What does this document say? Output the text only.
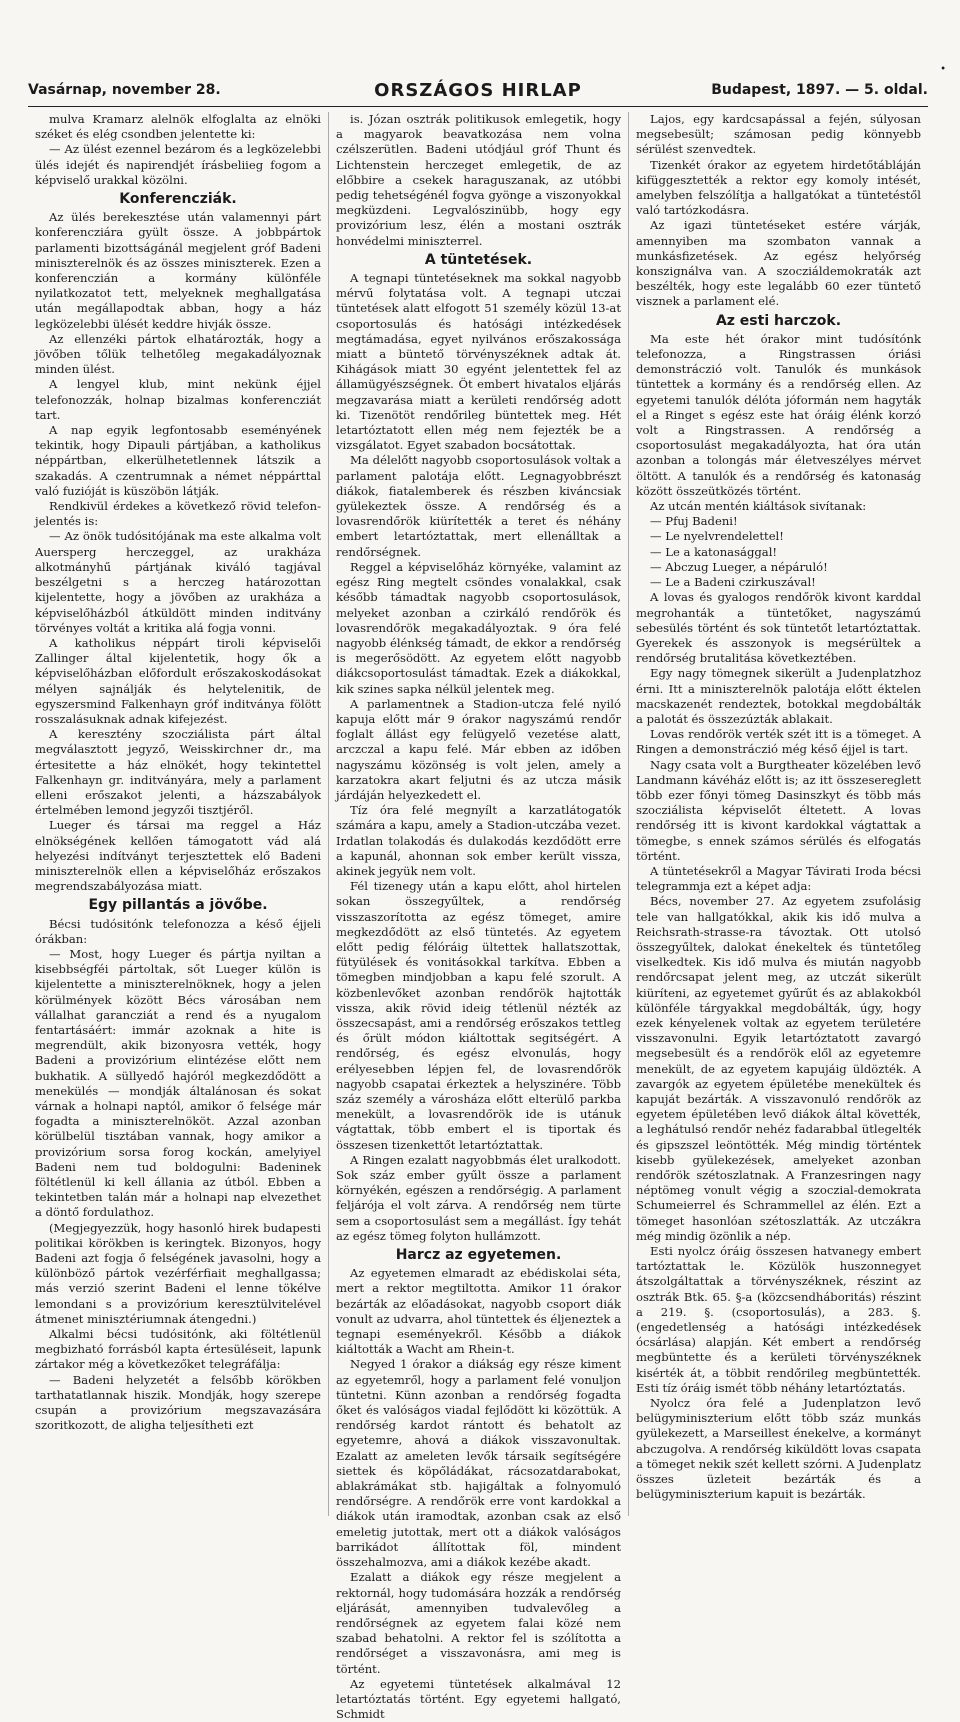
Vasárnap, november 28.	ORSZÁGOS HIRLAP	Budapest, 1897. — 5. oldal.
•

mulva Kramarz alelnök elfoglalta az elnöki széket és elég csondben jelentette ki:

— Az ülést ezennel bezárom és a legközelebbi ülés idejét és napirendjét írásbeliieg fogom a képviselő urakkal közölni.

Konferencziák.

Az ülés berekesztése után valamennyi párt konferencziára gyült össze. A jobbpártok parlamenti bizottságánál megjelent gróf Badeni miniszterelnök és az összes miniszterek. Ezen a konferenczián a kormány különféle nyilatkozatot tett, melyeknek meghallgatása után megállapodtak abban, hogy a ház legközelebbi ülését keddre hivják össze.

Az ellenzéki pártok elhatározták, hogy a jövőben tőlük telhetőleg megakadályoznak minden ülést.

A lengyel klub, mint nekünk éjjel telefonozzák, holnap bizalmas konferencziát tart.

A nap egyik legfontosabb eseményének tekintik, hogy Dipauli pártjában, a katholikus néppártban, elkerülhetetlennek látszik a szakadás. A czentrumnak a német néppárttal való fuzióját is küszöbön látják.

Rendkivül érdekes a következő rövid telefon-jelentés is:

— Az önök tudósitójának ma este alkalma volt Auersperg herczeggel, az urakháza alkotmányhű pártjának kiváló tagjával beszélgetni s a herczeg határozottan kijelentette, hogy a jövőben az urakháza a képviselőházból átküldött minden inditvány törvényes voltát a kritika alá fogja vonni.

A katholikus néppárt tiroli képviselői Zallinger által kijelentetik, hogy ők a képviselőházban előfordult erőszakoskodásokat mélyen sajnálják és helytelenitik, de egyszersmind Falkenhayn gróf inditványa fölött rosszalásuknak adnak kifejezést.

A keresztény szocziálista párt által megválasztott jegyző, Weisskirchner dr., ma értesitette a ház elnökét, hogy tekintettel Falkenhayn gr. inditványára, mely a parlament elleni erőszakot jelenti, a házszabályok értelmében lemond jegyzői tisztjéről.

Lueger és társai ma reggel a Ház elnökségének kellően támogatott vád alá helyezési indítványt terjesztettek elő Badeni miniszterelnök ellen a képviselőház erőszakos megrendszabályozása miatt.

Egy pillantás a jövőbe.

Bécsi tudósitónk telefonozza a késő éjjeli órákban:

— Most, hogy Lueger és pártja nyiltan a kisebbségféi pártoltak, sőt Lueger külön is kijelentette a miniszterelnöknek, hogy a jelen körülmények között Bécs városában nem vállalhat garancziát a rend és a nyugalom fentartásáért: immár azoknak a hite is megrendült, akik bizonyosra vették, hogy Badeni a provizórium elintézése előtt nem bukhatik. A süllyedő hajóról megkezdődött a menekülés — mondják általánosan és sokat várnak a holnapi naptól, amikor ő felsége már fogadta a miniszterelnököt. Azzal azonban körülbelül tisztában vannak, hogy amikor a provizórium sorsa forog kockán, amelyiyel Badeni nem tud boldogulni: Badeninek föltétlenül ki kell állania az útból. Ebben a tekintetben talán már a holnapi nap elvezethet a döntő fordulathoz.

(Megjegyezzük, hogy hasonló hirek budapesti politikai körökben is keringtek. Bizonyos, hogy Badeni azt fogja ő felségének javasolni, hogy a különböző pártok vezérférfiait meghallgassa; más verzió szerint Badeni el lenne tökélve lemondani s a provizórium keresztülvitelével átmenet minisztériumnak átengedni.)

Alkalmi bécsi tudósitónk, aki föltétlenül megbizható forrásból kapta értesüléseit, lapunk zártakor még a következőket telegráfálja:

— Badeni helyzetét a felsőbb körökben tarthatatlannak hiszik. Mondják, hogy szerepe csupán a provizórium megszavazására szoritkozott, de aligha teljesítheti ezt

is. Józan osztrák politikusok emlegetik, hogy a magyarok beavatkozása nem volna czélszerütlen. Badeni utódjául gróf Thunt és Lichtenstein herczeget emlegetik, de az előbbire a csekek haraguszanak, az utóbbi pedig tehetségénél fogva gyönge a viszonyokkal megküzdeni. Legvalószinübb, hogy egy provizórium lesz, élén a mostani osztrák honvédelmi miniszterrel.

A tüntetések.

A tegnapi tüntetéseknek ma sokkal nagyobb mérvű folytatása volt. A tegnapi utczai tüntetések alatt elfogott 51 személy közül 13-at csoportosulás és hatósági intézkedések megtámadása, egyet nyilvános erőszakossága miatt a büntető törvényszéknek adtak át. Kihágások miatt 30 egyént jelentettek fel az államügyészségnek. Öt embert hivatalos eljárás megzavarása miatt a kerületi rendőrség adott ki. Tizenötöt rendőrileg büntettek meg. Hét letartóztatott ellen még nem fejezték be a vizsgálatot. Egyet szabadon bocsátottak.

Ma délelőtt nagyobb csoportosulások voltak a parlament palotája előtt. Legnagyobbrészt diákok, fiatalemberek és részben kiváncsiak gyülekeztek össze. A rendőrség és a lovasrendőrök kiürítették a teret és néhány embert letartóztattak, mert ellenálltak a rendőrségnek.

Reggel a képviselőház környéke, valamint az egész Ring megtelt csöndes vonalakkal, csak később támadtak nagyobb csoportosulások, melyeket azonban a czirkáló rendőrök és lovasrendőrök megakadályoztak. 9 óra felé nagyobb élénkség támadt, de ekkor a rendőrség is megerősödött. Az egyetem előtt nagyobb diákcsoportosulást támadtak. Ezek a diákokkal, kik szines sapka nélkül jelentek meg.

A parlamentnek a Stadion-utcza felé nyiló kapuja előtt már 9 órakor nagyszámú rendőr foglalt állást egy felügyelő vezetése alatt, arczczal a kapu felé. Már ebben az időben nagyszámu közönség is volt jelen, amely a karzatokra akart feljutni és az utcza másik járdáján helyezkedett el.

Tíz óra felé megnyílt a karzatlátogatók számára a kapu, amely a Stadion-utczába vezet. Irdatlan tolakodás és dulakodás kezdődött erre a kapunál, ahonnan sok ember került vissza, akinek jegyük nem volt.

Fél tizenegy után a kapu előtt, ahol hirtelen sokan összegyűltek, a rendőrség visszaszorította az egész tömeget, amire megkezdődött az első tüntetés. Az egyetem előtt pedig félóráig ültettek hallatszottak, fütyülések és vonitásokkal tarkítva. Ebben a tömegben mindjobban a kapu felé szorult. A közbenlevőket azonban rendőrök hajtották vissza, akik rövid ideig tétlenül nézték az összecsapást, ami a rendőrség erőszakos tettleg és őrült módon kiáltottak segitségért. A rendőrség, és egész elvonulás, hogy erélyesebben lépjen fel, de lovasrendőrök nagyobb csapatai érkeztek a helyszinére. Több száz személy a városháza előtt elterülő parkba menekült, a lovasrendőrök ide is utánuk vágtattak, több embert el is tiportak és összesen tizenkettőt letartóztattak.

A Ringen ezalatt nagyobbmás élet uralkodott. Sok száz ember gyűlt össze a parlament környékén, egészen a rendőrségig. A parlament feljárója el volt zárva. A rendőrség nem türte sem a csoportosulást sem a megállást. Így tehát az egész tömeg folyton hullámzott.

Harcz az egyetemen.

Az egyetemen elmaradt az ebédiskolai séta, mert a rektor megtiltotta. Amikor 11 órakor bezárták az előadásokat, nagyobb csoport diák vonult az udvarra, ahol tüntettek és éljeneztek a tegnapi eseményekről. Később a diákok kiáltották a Wacht am Rhein-t.

Negyed 1 órakor a diákság egy része kiment az egyetemről, hogy a parlament felé vonuljon tüntetni. Künn azonban a rendőrség fogadta őket és valóságos viadal fejlődött ki közöttük. A rendőrség kardot rántott és behatolt az egyetemre, ahová a diákok visszavonultak. Ezalatt az ameleten levők társaik segítségére siettek és köpőládákat, rácsozatdarabokat, ablakrámákat stb. hajigáltak a folnyomuló rendőrségre. A rendőrök erre vont kardokkal a diákok után iramodtak, azonban csak az első emeletig jutottak, mert ott a diákok valóságos barrikádot állítottak föl, mindent összehalmozva, ami a diákok kezébe akadt.

Ezalatt a diákok egy része megjelent a rektornál, hogy tudomására hozzák a rendőrség eljárását, amennyiben tudvalevőleg a rendőrségnek az egyetem falai közé nem szabad behatolni. A rektor fel is szólította a rendőrséget a visszavonásra, ami meg is történt.

Az egyetemi tüntetések alkalmával 12 letartóztatás történt. Egy egyetemi hallgató, Schmidt

Lajos, egy kardcsapással a fején, súlyosan megsebesült; számosan pedig könnyebb sérülést szenvedtek.

Tizenkét órakor az egyetem hirdetőtábláján kifüggesztették a rektor egy komoly intését, amelyben felszólítja a hallgatókat a tüntetéstől való tartózkodásra.

Az igazi tüntetéseket estére várják, amennyiben ma szombaton vannak a munkásfizetések. Az egész helyőrség konszignálva van. A szocziáldemokraták azt beszélték, hogy este legalább 60 ezer tüntető visznek a parlament elé.

Az esti harczok.

Ma este hét órakor mint tudósítónk telefonozza, a Ringstrassen óriási demonstráczió volt. Tanulók és munkások tüntettek a kormány és a rendőrség ellen. Az egyetemi tanulók délóta jóformán nem hagyták el a Ringet s egész este hat óráig élénk korzó volt a Ringstrassen. A rendőrség a csoportosulást megakadályozta, hat óra után azonban a tolongás már életveszélyes mérvet öltött. A tanulók és a rendőrség és katonaság között összeütközés történt.

Az utcán mentén kiáltások sivítanak:

— Pfuj Badeni!

— Le nyelvrendelettel!

— Le a katonasággal!

— Abczug Lueger, a népáruló!

— Le a Badeni czirkuszával!

A lovas és gyalogos rendőrök kivont karddal megrohanták a tüntetőket, nagyszámú sebesülés történt és sok tüntetőt letartóztattak. Gyerekek és asszonyok is megsérültek a rendőrség brutalitása következtében.

Egy nagy tömegnek sikerült a Judenplatzhoz érni. Itt a miniszterelnök palotája előtt éktelen macskazenét rendeztek, botokkal megdobálták a palotát és összezúzták ablakait.

Lovas rendőrök verték szét itt is a tömeget. A Ringen a demonstráczió még késő éjjel is tart.

Nagy csata volt a Burgtheater közelében levő Landmann kávéház előtt is; az itt összesereglett több ezer főnyi tömeg Dasinszkyt és több más szocziálista képviselőt éltetett. A lovas rendőrség itt is kivont kardokkal vágtattak a tömegbe, s ennek számos sérülés és elfogatás történt.

A tüntetésekről a Magyar Távirati Iroda bécsi telegrammja ezt a képet adja:

Bécs, november 27. Az egyetem zsufolásig tele van hallgatókkal, akik kis idő mulva a Reichsrath-strasse-ra távoztak. Ott utolsó összegyűltek, dalokat énekeltek és tüntetőleg viselkedtek. Kis idő mulva és miután nagyobb rendőrcsapat jelent meg, az utczát sikerült kiüríteni, az egyetemet gyűrűt és az ablakokból különféle tárgyakkal megdobálták, úgy, hogy ezek kényelenek voltak az egyetem területére visszavonulni. Egyik letartóztatott zavargó megsebesült és a rendőrök elől az egyetemre menekült, de az egyetem kapujáig üldözték. A zavargók az egyetem épületébe menekültek és kapuját bezárták. A visszavonuló rendőrök az egyetem épületében levő diákok által követték, a leghátulsó rendőr nehéz fadarabbal ütlegelték és gipszszel leöntötték. Még mindig történtek kisebb gyülekezések, amelyeket azonban rendőrök szétoszlatnak. A Franzesringen nagy néptömeg vonult végig a szoczial-demokrata Schumeierrel és Schrammellel az élén. Ezt a tömeget hasonlóan szétoszlatták. Az utczákra még mindig özönlik a nép.

Esti nyolcz óráig összesen hatvanegy embert tartóztattak le. Közülök huszonnegyet átszolgáltattak a törvényszéknek, részint az osztrák Btk. 65. §-a (közcsendháboritás) részint a 219. §. (csoportosulás), a 283. §. (engedetlenség a hatósági intézkedések ócsárlása) alapján. Két embert a rendőrség megbüntette és a kerületi törvényszéknek kisérték át, a többit rendőrileg megbüntették. Esti tíz óráig ismét több néhány letartóztatás.

Nyolcz óra felé a Judenplatzon levő belügyminiszterium előtt több száz munkás gyülekezett, a Marseillest énekelve, a kormányt abczugolva. A rendőrség kiküldött lovas csapata a tömeget nekik szét kellett szórni. A Judenplatz összes üzleteit bezárták és a belügyminiszterium kapuit is bezárták.
